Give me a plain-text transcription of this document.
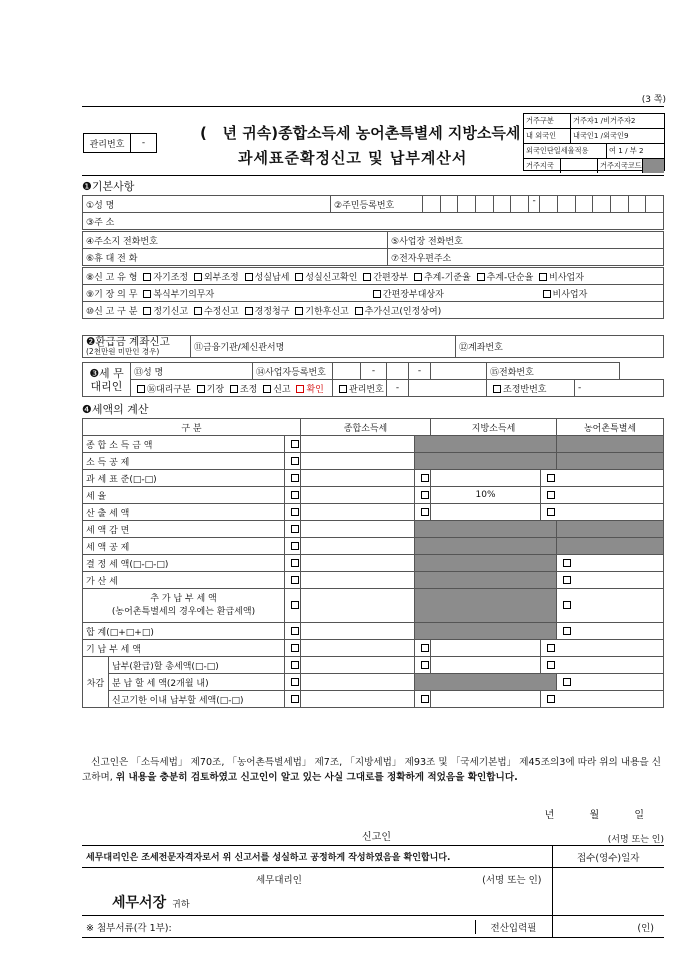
(3 쪽)
관리번호	-
( 년 귀속)종합소득세 농어촌특별세 지방소득세
과세표준확정신고 및 납부계산서
거주구분	거주자1 /비거주자2
내 외국인	내국인1 /외국인9
외국인단일세율적용	여 1 / 부 2
거주지국	거주지국코드
❶기본사항
①성 명	②주민등록번호	-

③주 소
④주소지 전화번호	⑤사업장 전화번호
⑥휴 대 전 화	⑦전자우편주소
⑧신 고 유 형 자기조정 외부조정 성실납세 성실신고확인 간편장부 추계-기준율 추계-단순율 비사업자
⑨기 장 의 무 복식부기의무자	간편장부대상자	비사업자
⑩신 고 구 분 정기신고 수정신고 경정청구 기한후신고 추가신고(인정상여)
❷환급금 계좌신고
(2천만원 미만인 경우)	⑪금융기관/체신관서명	⑫계좌번호
❸세 무
대리인	⑬성 명	⑭사업자등록번호		-		-		⑮전화번호	
	⑯대리구분 기장 조정 신고 확인		관리번호		-			조정반번호	-
❹세액의 계산
구 분			종합소득세		지방소득세		농어촌특별세
종 합 소 득 금 액							
소 득 공 제							
과 세 표 준(□-□)							
세 율					10%		
산 출 세 액							
세 액 감 면							
세 액 공 제							
결 정 세 액(□-□-□)							
가 산 세							

추 가 납 부 세 액
(농어촌특별세의 경우에는 환급세액)							

합 계(□+□+□)							
기 납 부 세 액							
차감	납부(환급)할 총세액(□-□)						
	분 납 할 세 액(2개월 내)						
	신고기한 이내 납부할 세액(□-□)						
신고인은 「소득세법」 제70조, 「농어촌특별세법」 제7조, 「지방세법」 제93조 및 「국세기본법」 제45조의3에 따라 위의 내용을 신고하며, 위 내용을 충분히 검토하였고 신고인이 알고 있는 사실 그대로를 정확하게 적었음을 확인합니다.
년 월 일
신고인	(서명 또는 인)
세무대리인은 조세전문자격자로서 위 신고서를 성실하고 공정하게 작성하였음을 확인합니다.	접수(영수)일자

세무대리인 (서명 또는 인)	

세무서장 귀하	

※ 첨부서류(각 1부): 전산입력필	(인)
